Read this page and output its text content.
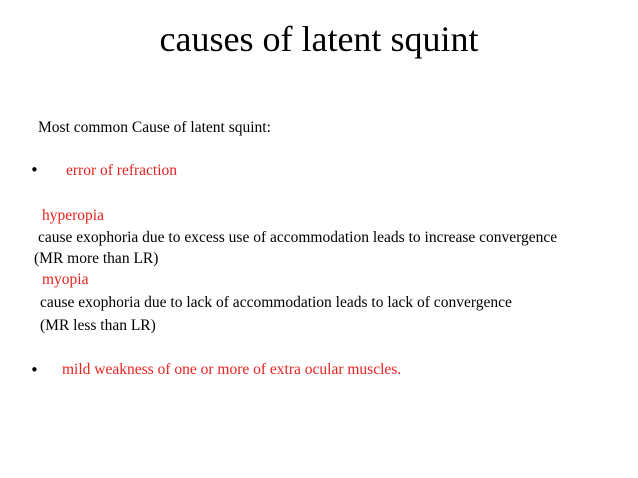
causes of latent squint
Most common Cause of latent squint:
• error of refraction
hyperopia
cause exophoria due to excess use of accommodation leads to increase convergence
(MR more than LR)
myopia
cause exophoria due to lack of accommodation leads to lack of convergence
(MR less than LR)
• mild weakness of one or more of extra ocular muscles.
